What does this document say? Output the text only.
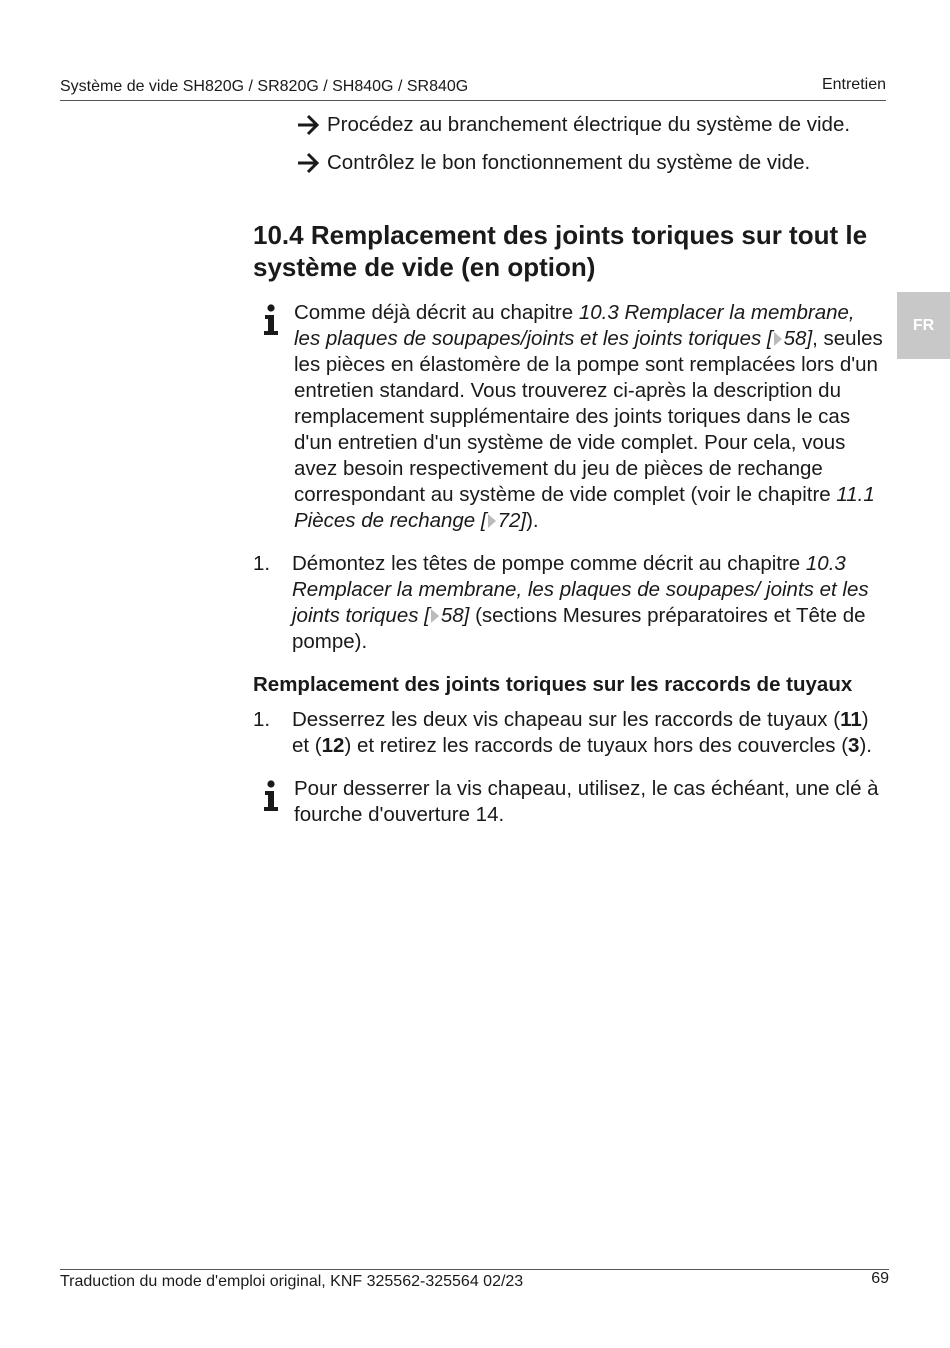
Système de vide SH820G / SR820G / SH840G / SR840G	Entretien
FR

Procédez au branchement électrique du système de vide.

Contrôlez le bon fonctionnement du système de vide.

10.4 Remplacement des joints toriques sur tout le système de vide (en option)
Comme déjà décrit au chapitre 10.3 Remplacer la membrane, les plaques de soupapes/joints et les joints toriques [ 58], seules les pièces en élastomère de la pompe sont remplacées lors d'un entretien standard. Vous trouverez ci-après la description du remplacement supplémentaire des joints toriques dans le cas d'un entretien d'un système de vide complet. Pour cela, vous avez besoin respectivement du jeu de pièces de rechange correspondant au système de vide complet (voir le chapitre 11.1 Pièces de rechange [ 72]).

1. Démontez les têtes de pompe comme décrit au chapitre 10.3 Remplacer la membrane, les plaques de soupapes/ joints et les joints toriques [ 58] (sections Mesures préparatoires et Tête de pompe).

Remplacement des joints toriques sur les raccords de tuyaux

1. Desserrez les deux vis chapeau sur les raccords de tuyaux (11) et (12) et retirez les raccords de tuyaux hors des couvercles (3).

Pour desserrer la vis chapeau, utilisez, le cas échéant, une clé à fourche d'ouverture 14.
Traduction du mode d'emploi original, KNF 325562-325564 02/23	69
